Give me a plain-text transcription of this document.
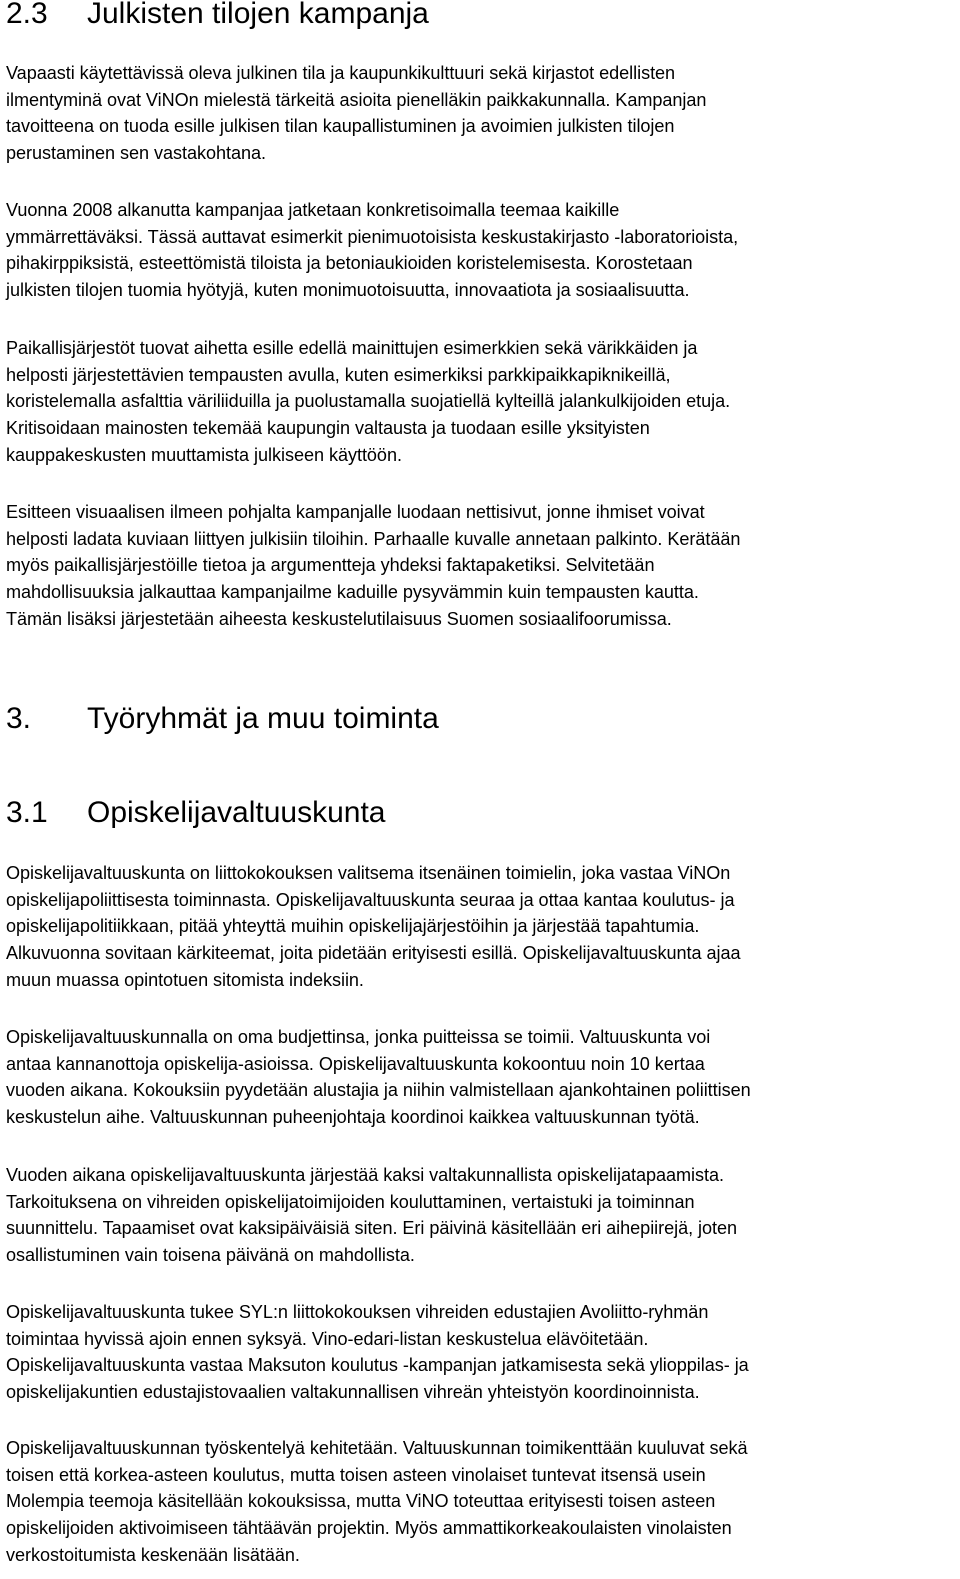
2.3 Julkisten tilojen kampanja
Vapaasti käytettävissä oleva julkinen tila ja kaupunkikulttuuri sekä kirjastot edellisten
ilmentyminä ovat ViNOn mielestä tärkeitä asioita pienelläkin paikkakunnalla. Kampanjan
tavoitteena on tuoda esille julkisen tilan kaupallistuminen ja avoimien julkisten tilojen
perustaminen sen vastakohtana.
Vuonna 2008 alkanutta kampanjaa jatketaan konkretisoimalla teemaa kaikille
ymmärrettäväksi. Tässä auttavat esimerkit pienimuotoisista keskustakirjasto -laboratorioista,
pihakirppiksistä, esteettömistä tiloista ja betoniaukioiden koristelemisesta. Korostetaan
julkisten tilojen tuomia hyötyjä, kuten monimuotoisuutta, innovaatiota ja sosiaalisuutta.
Paikallisjärjestöt tuovat aihetta esille edellä mainittujen esimerkkien sekä värikkäiden ja
helposti järjestettävien tempausten avulla, kuten esimerkiksi parkkipaikkapiknikeillä,
koristelemalla asfalttia väriliiduilla ja puolustamalla suojatiellä kylteillä jalankulkijoiden etuja.
Kritisoidaan mainosten tekemää kaupungin valtausta ja tuodaan esille yksityisten
kauppakeskusten muuttamista julkiseen käyttöön.
Esitteen visuaalisen ilmeen pohjalta kampanjalle luodaan nettisivut, jonne ihmiset voivat
helposti ladata kuviaan liittyen julkisiin tiloihin. Parhaalle kuvalle annetaan palkinto. Kerätään
myös paikallisjärjestöille tietoa ja argumentteja yhdeksi faktapaketiksi. Selvitetään
mahdollisuuksia jalkauttaa kampanjailme kaduille pysyvämmin kuin tempausten kautta.
Tämän lisäksi järjestetään aiheesta keskustelutilaisuus Suomen sosiaalifoorumissa.
3. Työryhmät ja muu toiminta
3.1 Opiskelijavaltuuskunta
Opiskelijavaltuuskunta on liittokokouksen valitsema itsenäinen toimielin, joka vastaa ViNOn
opiskelijapoliittisesta toiminnasta. Opiskelijavaltuuskunta seuraa ja ottaa kantaa koulutus- ja
opiskelijapolitiikkaan, pitää yhteyttä muihin opiskelijajärjestöihin ja järjestää tapahtumia.
Alkuvuonna sovitaan kärkiteemat, joita pidetään erityisesti esillä. Opiskelijavaltuuskunta ajaa
muun muassa opintotuen sitomista indeksiin.
Opiskelijavaltuuskunnalla on oma budjettinsa, jonka puitteissa se toimii. Valtuuskunta voi
antaa kannanottoja opiskelija-asioissa. Opiskelijavaltuuskunta kokoontuu noin 10 kertaa
vuoden aikana. Kokouksiin pyydetään alustajia ja niihin valmistellaan ajankohtainen poliittisen
keskustelun aihe. Valtuuskunnan puheenjohtaja koordinoi kaikkea valtuuskunnan työtä.
Vuoden aikana opiskelijavaltuuskunta järjestää kaksi valtakunnallista opiskelijatapaamista.
Tarkoituksena on vihreiden opiskelijatoimijoiden kouluttaminen, vertaistuki ja toiminnan
suunnittelu. Tapaamiset ovat kaksipäiväisiä siten. Eri päivinä käsitellään eri aihepiirejä, joten
osallistuminen vain toisena päivänä on mahdollista.
Opiskelijavaltuuskunta tukee SYL:n liittokokouksen vihreiden edustajien Avoliitto-ryhmän
toimintaa hyvissä ajoin ennen syksyä. Vino-edari-listan keskustelua elävöitetään.
Opiskelijavaltuuskunta vastaa Maksuton koulutus -kampanjan jatkamisesta sekä ylioppilas- ja
opiskelijakuntien edustajistovaalien valtakunnallisen vihreän yhteistyön koordinoinnista.
Opiskelijavaltuuskunnan työskentelyä kehitetään. Valtuuskunnan toimikenttään kuuluvat sekä
toisen että korkea-asteen koulutus, mutta toisen asteen vinolaiset tuntevat itsensä usein
Molempia teemoja käsitellään kokouksissa, mutta ViNO toteuttaa erityisesti toisen asteen
opiskelijoiden aktivoimiseen tähtäävän projektin. Myös ammattikorkeakoulaisten vinolaisten
verkostoitumista keskenään lisätään.
